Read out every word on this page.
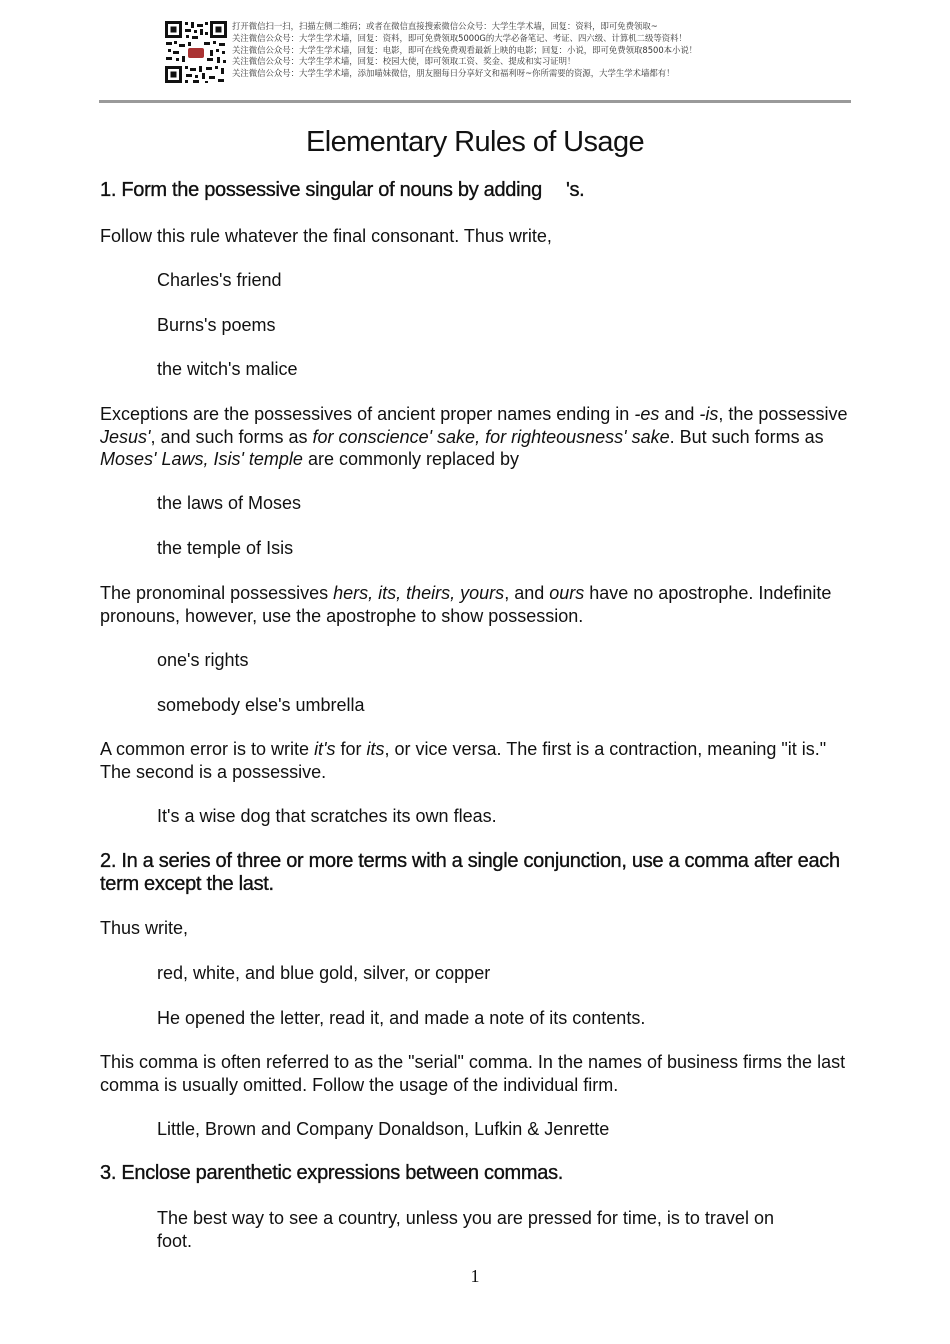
打开微信扫一扫，扫描左侧二维码；或者在微信直接搜索微信公众号：大学生学术墙，回复：资料，即可免费领取~
关注微信公众号：大学生学术墙，回复：资料，即可免费领取5000G的大学必备笔记、考证、四六级、计算机二级等资料！
关注微信公众号：大学生学术墙，回复：电影，即可在线免费观看最新上映的电影；回复：小说，即可免费领取8500本小说！
关注微信公众号：大学生学术墙，回复：校园大使，即可领取工资、奖金、提成和实习证明！
关注微信公众号：大学生学术墙，添加喵妹微信，朋友圈每日分享好文和福利呀~你所需要的资源，大学生学术墙都有！
Elementary Rules of Usage
1. Form the possessive singular of nouns by adding 's.

Follow this rule whatever the final consonant. Thus write,

Charles's friend

Burns's poems

the witch's malice

Exceptions are the possessives of ancient proper names ending in -es and -is, the possessive Jesus', and such forms as for conscience' sake, for righteousness' sake. But such forms as Moses' Laws, Isis' temple are commonly replaced by

the laws of Moses

the temple of Isis

The pronominal possessives hers, its, theirs, yours, and ours have no apostrophe. Indefinite pronouns, however, use the apostrophe to show possession.

one's rights

somebody else's umbrella

A common error is to write it's for its, or vice versa. The first is a contraction, meaning "it is." The second is a possessive.

It's a wise dog that scratches its own fleas.

2. In a series of three or more terms with a single conjunction, use a comma after each term except the last.

Thus write,

red, white, and blue gold, silver, or copper

He opened the letter, read it, and made a note of its contents.

This comma is often referred to as the "serial" comma. In the names of business firms the last comma is usually omitted. Follow the usage of the individual firm.

Little, Brown and Company Donaldson, Lufkin & Jenrette

3. Enclose parenthetic expressions between commas.

The best way to see a country, unless you are pressed for time, is to travel on foot.

1
